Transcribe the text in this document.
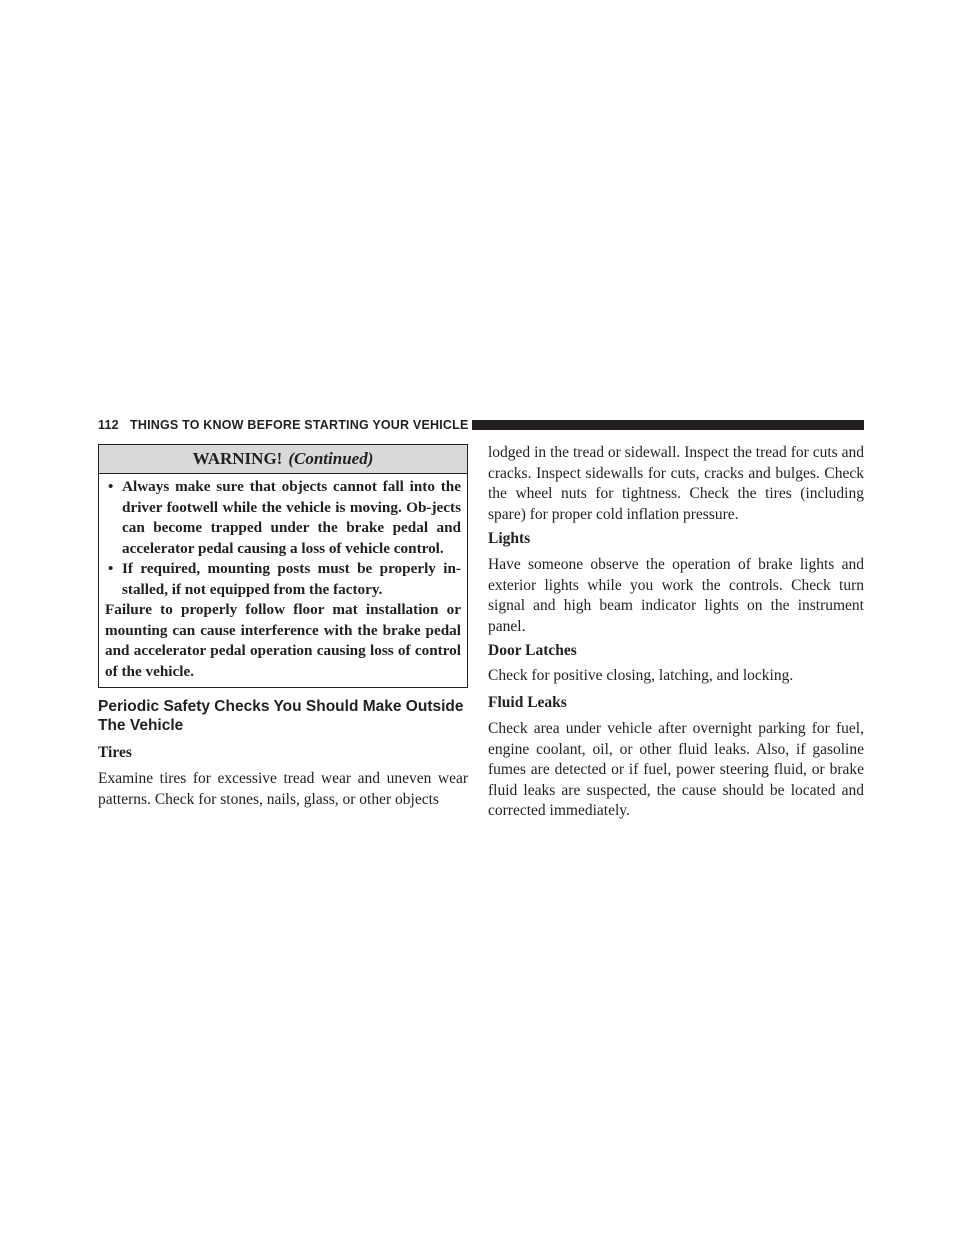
112 THINGS TO KNOW BEFORE STARTING YOUR VEHICLE
WARNING! (Continued)
• Always make sure that objects cannot fall into the driver footwell while the vehicle is moving. Ob-jects can become trapped under the brake pedal and accelerator pedal causing a loss of vehicle control.
• If required, mounting posts must be properly in-stalled, if not equipped from the factory.
Failure to properly follow floor mat installation or mounting can cause interference with the brake pedal and accelerator pedal operation causing loss of control of the vehicle.
Periodic Safety Checks You Should Make Outside The Vehicle
Tires
Examine tires for excessive tread wear and uneven wear patterns. Check for stones, nails, glass, or other objects
lodged in the tread or sidewall. Inspect the tread for cuts and cracks. Inspect sidewalls for cuts, cracks and bulges. Check the wheel nuts for tightness. Check the tires (including spare) for proper cold inflation pressure.
Lights
Have someone observe the operation of brake lights and exterior lights while you work the controls. Check turn signal and high beam indicator lights on the instrument panel.
Door Latches
Check for positive closing, latching, and locking.
Fluid Leaks
Check area under vehicle after overnight parking for fuel, engine coolant, oil, or other fluid leaks. Also, if gasoline fumes are detected or if fuel, power steering fluid, or brake fluid leaks are suspected, the cause should be located and corrected immediately.
